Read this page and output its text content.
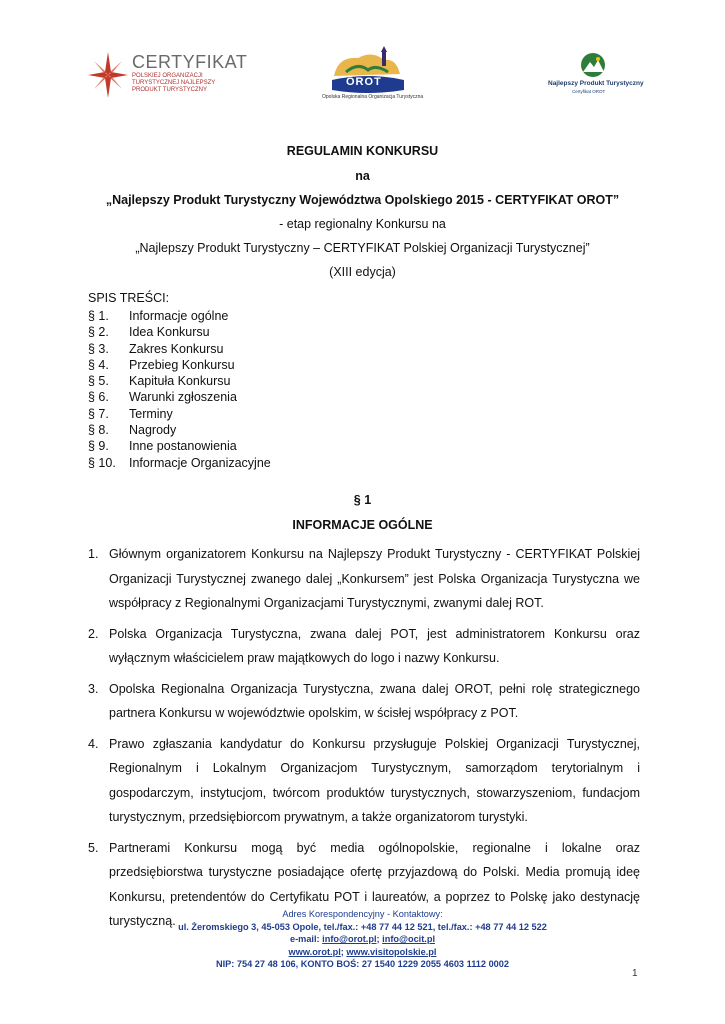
CERTYFIKAT
POLSKIEJ ORGANIZACJI TURYSTYCZNEJ NAJLEPSZY PRODUKT TURYSTYCZNY
OROT
Opolska Regionalna Organizacja Turystyczna
Najlepszy Produkt Turystyczny
Certyfikat OROT
REGULAMIN KONKURSU
na
„Najlepszy Produkt Turystyczny Województwa Opolskiego 2015 - CERTYFIKAT OROT”
- etap regionalny Konkursu na
„Najlepszy Produkt Turystyczny – CERTYFIKAT Polskiej Organizacji Turystycznej”
(XIII edycja)
SPIS TREŚCI:
§ 1. Informacje ogólne
§ 2. Idea Konkursu
§ 3. Zakres Konkursu
§ 4. Przebieg Konkursu
§ 5. Kapituła Konkursu
§ 6. Warunki zgłoszenia
§ 7. Terminy
§ 8. Nagrody
§ 9. Inne postanowienia
§ 10. Informacje Organizacyjne
§ 1
INFORMACJE OGÓLNE
1. Głównym organizatorem Konkursu na Najlepszy Produkt Turystyczny - CERTYFIKAT Polskiej Organizacji Turystycznej zwanego dalej „Konkursem” jest Polska Organizacja Turystyczna we współpracy z Regionalnymi Organizacjami Turystycznymi, zwanymi dalej ROT.
2. Polska Organizacja Turystyczna, zwana dalej POT, jest administratorem Konkursu oraz wyłącznym właścicielem praw majątkowych do logo i nazwy Konkursu.
3. Opolska Regionalna Organizacja Turystyczna, zwana dalej OROT, pełni rolę strategicznego partnera Konkursu w województwie opolskim, w ścisłej współpracy z POT.
4. Prawo zgłaszania kandydatur do Konkursu przysługuje Polskiej Organizacji Turystycznej, Regionalnym i Lokalnym Organizacjom Turystycznym, samorządom terytorialnym i gospodarczym, instytucjom, twórcom produktów turystycznych, stowarzyszeniom, fundacjom turystycznym, przedsiębiorcom prywatnym, a także organizatorom turystyki.
5. Partnerami Konkursu mogą być media ogólnopolskie, regionalne i lokalne oraz przedsiębiorstwa turystyczne posiadające ofertę przyjazdową do Polski. Media promują ideę Konkursu, pretendentów do Certyfikatu POT i laureatów, a poprzez to Polskę jako destynację turystyczną.	Adres Korespondencyjny - Kontaktowy:
ul. Żeromskiego 3, 45-053 Opole, tel./fax.: +48 77 44 12 521, tel./fax.: +48 77 44 12 522
e-mail: info@orot.pl; info@ocit.pl
www.orot.pl; www.visitopolskie.pl
NIP: 754 27 48 106, KONTO BOŚ: 27 1540 1229 2055 4603 1112 0002
1
